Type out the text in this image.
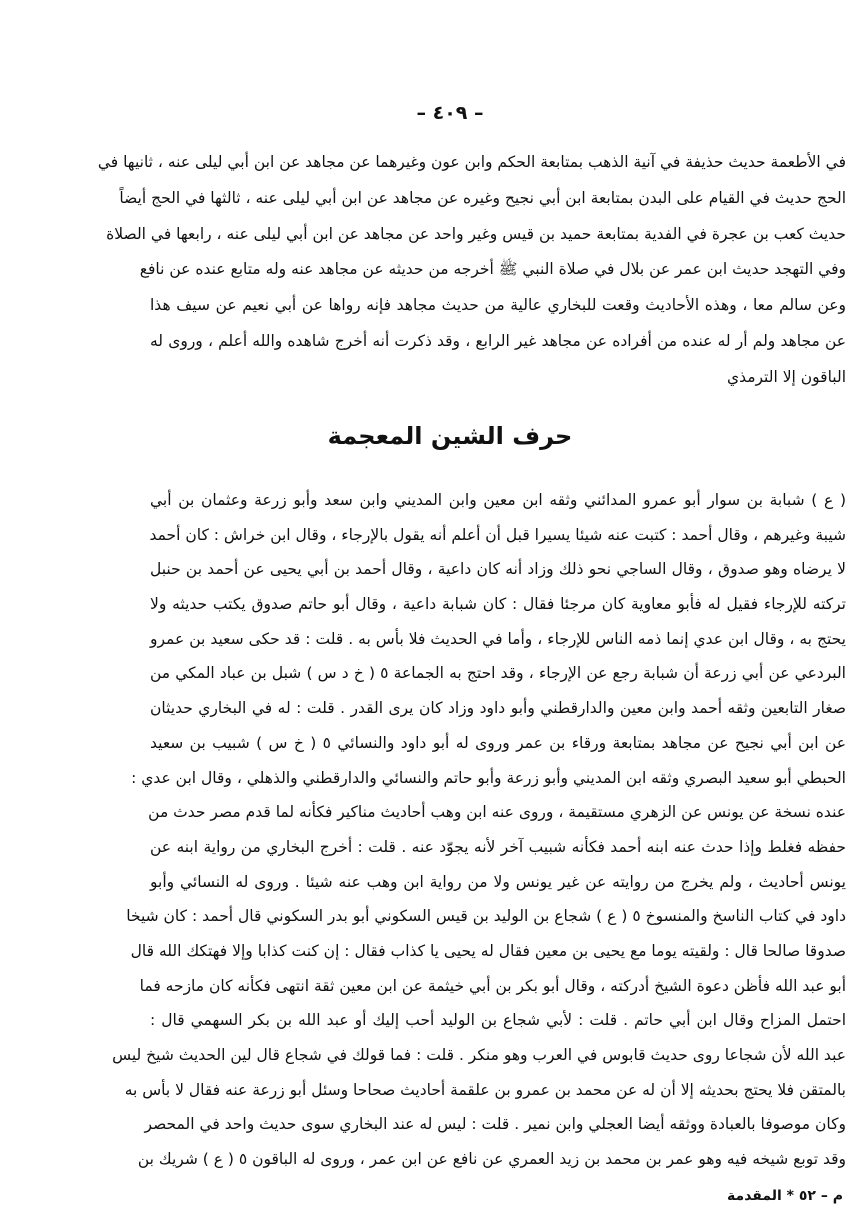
– ٤٠٩ –
في الأطعمة حديث حذيفة في آنية الذهب بمتابعة الحكم وابن عون وغيرهما عن مجاهد عن ابن أبي ليلى عنه ، ثانيها في
الحج حديث في القيام على البدن بمتابعة ابن أبي نجيح وغيره عن مجاهد عن ابن أبي ليلى عنه ، ثالثها في الحج أيضاً
حديث كعب بن عجرة في الفدية بمتابعة حميد بن قيس وغير واحد عن مجاهد عن ابن أبي ليلى عنه ، رابعها في الصلاة
وفي التهجد حديث ابن عمر عن بلال في صلاة النبي ﷺ أخرجه من حديثه عن مجاهد عنه وله متابع عنده عن نافع
وعن سالم معا ، وهذه الأحاديث وقعت للبخاري عالية من حديث مجاهد فإنه رواها عن أبي نعيم عن سيف هذا
عن مجاهد ولم أر له عنده من أفراده عن مجاهد غير الرابع ، وقد ذكرت أنه أخرج شاهده والله أعلم ، وروى له
الباقون إلا الترمذي
حرف الشين المعجمة
( ع ) شبابة بن سوار أبو عمرو المدائني وثقه ابن معين وابن المديني وابن سعد وأبو زرعة وعثمان بن أبي
شيبة وغيرهم ، وقال أحمد : كتبت عنه شيئا يسيرا قبل أن أعلم أنه يقول بالإرجاء ، وقال ابن خراش : كان أحمد
لا يرضاه وهو صدوق ، وقال الساجي نحو ذلك وزاد أنه كان داعية ، وقال أحمد بن أبي يحيى عن أحمد بن حنبل
تركته للإرجاء فقيل له فأبو معاوية كان مرجئا فقال : كان شبابة داعية ، وقال أبو حاتم صدوق يكتب حديثه ولا
يحتج به ، وقال ابن عدي إنما ذمه الناس للإرجاء ، وأما في الحديث فلا بأس به . قلت : قد حكى سعيد بن عمرو
البردعي عن أبي زرعة أن شبابة رجع عن الإرجاء ، وقد احتج به الجماعة ٥ ( خ د س ) شبل بن عباد المكي من
صغار التابعين وثقه أحمد وابن معين والدارقطني وأبو داود وزاد كان يرى القدر . قلت : له في البخاري حديثان
عن ابن أبي نجيح عن مجاهد بمتابعة ورقاء بن عمر وروى له أبو داود والنسائي ٥ ( خ س ) شبيب بن سعيد
الحبطي أبو سعيد البصري وثقه ابن المديني وأبو زرعة وأبو حاتم والنسائي والدارقطني والذهلي ، وقال ابن عدي :
عنده نسخة عن يونس عن الزهري مستقيمة ، وروى عنه ابن وهب أحاديث مناكير فكأنه لما قدم مصر حدث من
حفظه فغلط وإذا حدث عنه ابنه أحمد فكأنه شبيب آخر لأنه يجوّد عنه . قلت : أخرج البخاري من رواية ابنه عن
يونس أحاديث ، ولم يخرج من روايته عن غير يونس ولا من رواية ابن وهب عنه شيئا . وروى له النسائي وأبو
داود في كتاب الناسخ والمنسوخ ٥ ( ع ) شجاع بن الوليد بن قيس السكوني أبو بدر السكوني قال أحمد : كان شيخا
صدوقا صالحا قال : ولقيته يوما مع يحيى بن معين فقال له يحيى يا كذاب فقال : إن كنت كذابا وإلا فهتكك الله قال
أبو عبد الله فأظن دعوة الشيخ أدركته ، وقال أبو بكر بن أبي خيثمة عن ابن معين ثقة انتهى فكأنه كان مازحه فما
احتمل المزاح وقال ابن أبي حاتم . قلت : لأبي شجاع بن الوليد أحب إليك أو عبد الله بن بكر السهمي قال :
عبد الله لأن شجاعا روى حديث قابوس في العرب وهو منكر . قلت : فما قولك في شجاع قال لين الحديث شيخ ليس
بالمتقن فلا يحتج بحديثه إلا أن له عن محمد بن عمرو بن علقمة أحاديث صحاحا وسئل أبو زرعة عنه فقال لا بأس به
وكان موصوفا بالعبادة ووثقه أيضا العجلي وابن نمير . قلت : ليس له عند البخاري سوى حديث واحد في المحصر
وقد توبع شيخه فيه وهو عمر بن محمد بن زيد العمري عن نافع عن ابن عمر ، وروى له الباقون ٥ ( ع ) شريك بن
م – ٥٢ * المقدمة
